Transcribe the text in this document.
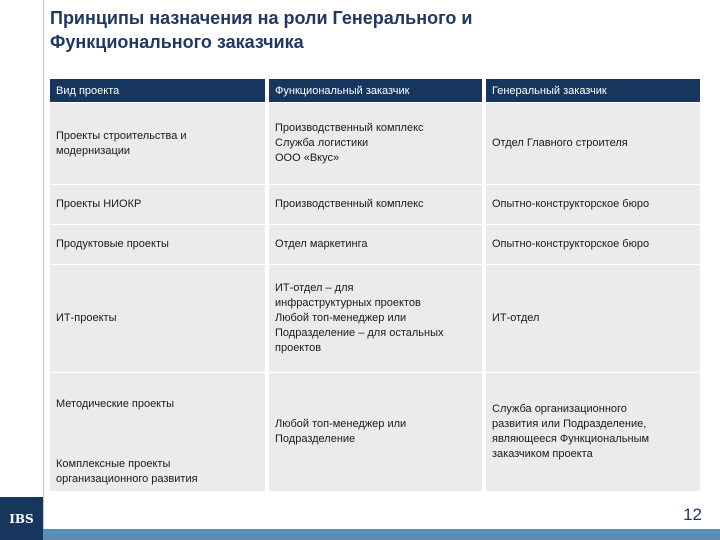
Принципы назначения на роли Генерального и
Функционального заказчика
Вид проекта	Функциональный заказчик	Генеральный заказчик

Проекты строительства и
модернизации	Производственный комплекс
Служба логистики
ООО «Вкус»	Отдел Главного строителя

Проекты НИОКР	Производственный комплекс	Опытно-конструкторское бюро

Продуктовые проекты	Отдел маркетинга	Опытно-конструкторское бюро

ИТ-проекты	ИТ-отдел – для
инфраструктурных проектов
Любой топ-менеджер или
Подразделение – для остальных
проектов	ИТ-отдел

Методические проекты
Комплексные проекты
организационного развития	Любой топ-менеджер или
Подразделение	Служба организационного
развития или Подразделение,
являющееся Функциональным
заказчиком проекта
IBS	12
